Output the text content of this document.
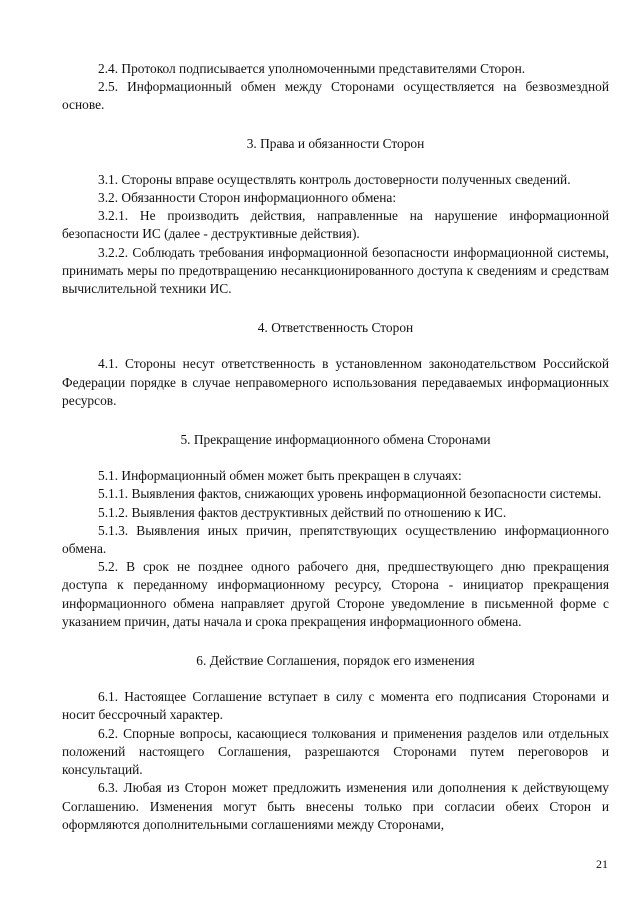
2.4. Протокол подписывается уполномоченными представителями Сторон.

2.5. Информационный обмен между Сторонами осуществляется на безвозмездной основе.

3. Права и обязанности Сторон

3.1. Стороны вправе осуществлять контроль достоверности полученных сведений.

3.2. Обязанности Сторон информационного обмена:

3.2.1. Не производить действия, направленные на нарушение информационной безопасности ИС (далее - деструктивные действия).

3.2.2. Соблюдать требования информационной безопасности информационной системы, принимать меры по предотвращению несанкционированного доступа к сведениям и средствам вычислительной техники ИС.

4. Ответственность Сторон

4.1. Стороны несут ответственность в установленном законодательством Российской Федерации порядке в случае неправомерного использования передаваемых информационных ресурсов.

5. Прекращение информационного обмена Сторонами

5.1. Информационный обмен может быть прекращен в случаях:

5.1.1. Выявления фактов, снижающих уровень информационной безопасности системы.

5.1.2. Выявления фактов деструктивных действий по отношению к ИС.

5.1.3. Выявления иных причин, препятствующих осуществлению информационного обмена.

5.2. В срок не позднее одного рабочего дня, предшествующего дню прекращения доступа к переданному информационному ресурсу, Сторона - инициатор прекращения информационного обмена направляет другой Стороне уведомление в письменной форме с указанием причин, даты начала и срока прекращения информационного обмена.

6. Действие Соглашения, порядок его изменения

6.1. Настоящее Соглашение вступает в силу с момента его подписания Сторонами и носит бессрочный характер.

6.2. Спорные вопросы, касающиеся толкования и применения разделов или отдельных положений настоящего Соглашения, разрешаются Сторонами путем переговоров и консультаций.

6.3. Любая из Сторон может предложить изменения или дополнения к действующему Соглашению. Изменения могут быть внесены только при согласии обеих Сторон и оформляются дополнительными соглашениями между Сторонами,

21
